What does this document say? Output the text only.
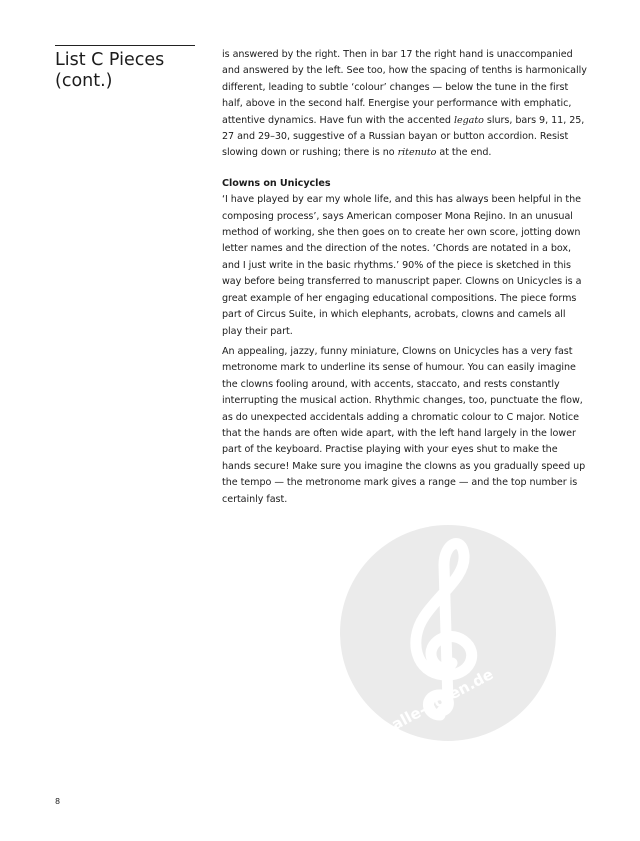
List C Pieces
(cont.)

is answered by the right. Then in bar 17 the right hand is unaccompanied and answered by the left. See too, how the spacing of tenths is harmonically different, leading to subtle ‘colour’ changes — below the tune in the first half, above in the second half. Energise your performance with emphatic, attentive dynamics. Have fun with the accented legato slurs, bars 9, 11, 25, 27 and 29–30, suggestive of a Russian bayan or button accordion. Resist slowing down or rushing; there is no ritenuto at the end.

Clowns on Unicycles

‘I have played by ear my whole life, and this has always been helpful in the composing process’, says American composer Mona Rejino. In an unusual method of working, she then goes on to create her own score, jotting down letter names and the direction of the notes. ‘Chords are notated in a box, and I just write in the basic rhythms.’ 90% of the piece is sketched in this way before being transferred to manuscript paper. Clowns on Unicycles is a great example of her engaging educational compositions. The piece forms part of Circus Suite, in which elephants, acrobats, clowns and camels all play their part.

An appealing, jazzy, funny miniature, Clowns on Unicycles has a very fast metronome mark to underline its sense of humour. You can easily imagine the clowns fooling around, with accents, staccato, and rests constantly interrupting the musical action. Rhythmic changes, too, punctuate the flow, as do unexpected accidentals adding a chromatic colour to C major. Notice that the hands are often wide apart, with the left hand largely in the lower part of the keyboard. Practise playing with your eyes shut to make the hands secure! Make sure you imagine the clowns as you gradually speed up the tempo — the metronome mark gives a range — and the top number is certainly fast.

8
alle-noten.de
